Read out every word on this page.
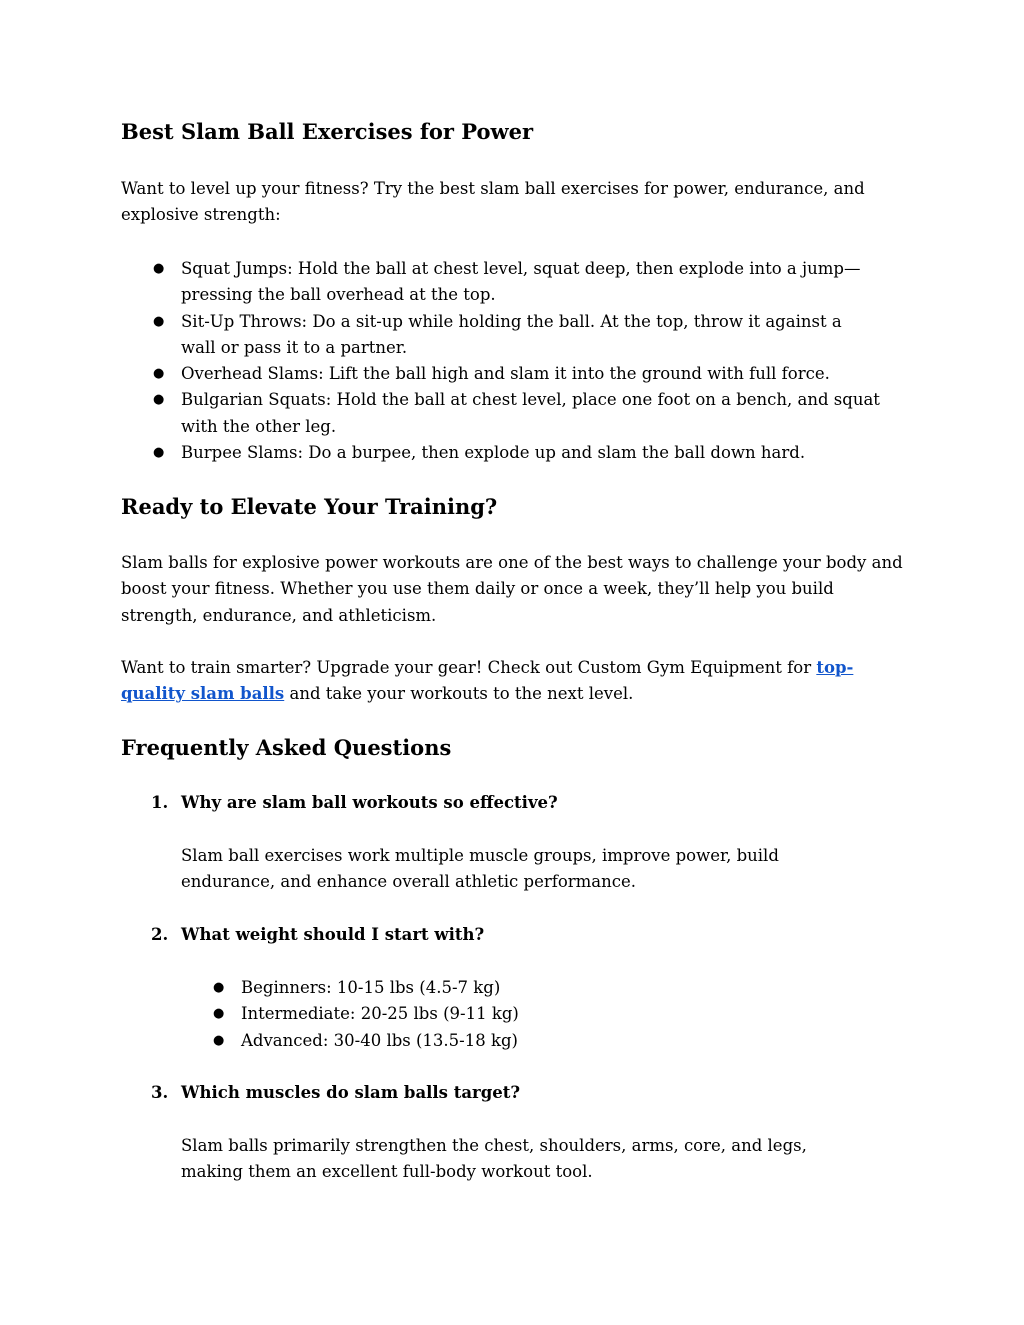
Best Slam Ball Exercises for Power

Want to level up your fitness? Try the best slam ball exercises for power, endurance, and explosive strength:

● Squat Jumps: Hold the ball at chest level, squat deep, then explode into a jump—pressing the ball overhead at the top.
● Sit-Up Throws: Do a sit-up while holding the ball. At the top, throw it against a wall or pass it to a partner.
● Overhead Slams: Lift the ball high and slam it into the ground with full force.
● Bulgarian Squats: Hold the ball at chest level, place one foot on a bench, and squat with the other leg.
● Burpee Slams: Do a burpee, then explode up and slam the ball down hard.
Ready to Elevate Your Training?

Slam balls for explosive power workouts are one of the best ways to challenge your body and boost your fitness. Whether you use them daily or once a week, they’ll help you build strength, endurance, and athleticism.

Want to train smarter? Upgrade your gear! Check out Custom Gym Equipment for top-quality slam balls and take your workouts to the next level.

Frequently Asked Questions
1. Why are slam ball workouts so effective?

Slam ball exercises work multiple muscle groups, improve power, build endurance, and enhance overall athletic performance.

2. What weight should I start with?
● Beginners: 10-15 lbs (4.5-7 kg)
● Intermediate: 20-25 lbs (9-11 kg)
● Advanced: 30-40 lbs (13.5-18 kg)
3. Which muscles do slam balls target?

Slam balls primarily strengthen the chest, shoulders, arms, core, and legs, making them an excellent full-body workout tool.
